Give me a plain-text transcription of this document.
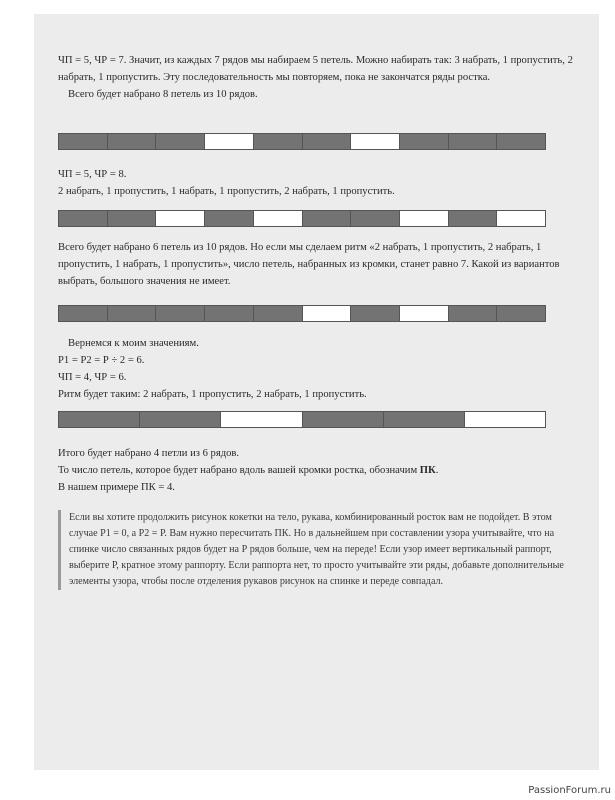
ЧП = 5, ЧР = 7. Значит, из каждых 7 рядов мы набираем 5 петель. Можно набирать так: 3 набрать, 1 пропустить, 2 набрать, 1 пропустить. Эту последовательность мы повторяем, пока не закончатся ряды ростка.

Всего будет набрано 8 петель из 10 рядов.

ЧП = 5, ЧР = 8.

2 набрать, 1 пропустить, 1 набрать, 1 пропустить, 2 набрать, 1 пропустить.

Всего будет набрано 6 петель из 10 рядов. Но если мы сделаем ритм «2 набрать, 1 пропустить, 2 набрать, 1 пропустить, 1 набрать, 1 пропустить», число петель, набранных из кромки, станет равно 7. Какой из вариантов выбрать, большого значения не имеет.

Вернемся к моим значениям.

Р1 = Р2 = Р ÷ 2 = 6.

ЧП = 4, ЧР = 6.

Ритм будет таким: 2 набрать, 1 пропустить, 2 набрать, 1 пропустить.

Итого будет набрано 4 петли из 6 рядов.

То число петель, которое будет набрано вдоль вашей кромки ростка, обозначим ПК.

В нашем примере ПК = 4.

Если вы хотите продолжить рисунок кокетки на тело, рукава, комбинированный росток вам не подойдет. В этом случае Р1 = 0, а Р2 = Р. Вам нужно пересчитать ПК. Но в дальнейшем при составлении узора учитывайте, что на спинке число связанных рядов будет на Р рядов больше, чем на переде! Если узор имеет вертикальный раппорт, выберите Р, кратное этому раппорту. Если раппорта нет, то просто учитывайте эти ряды, добавьте дополнительные элементы узора, чтобы после отделения рукавов рисунок на спинке и переде совпадал.

PassionForum.ru
